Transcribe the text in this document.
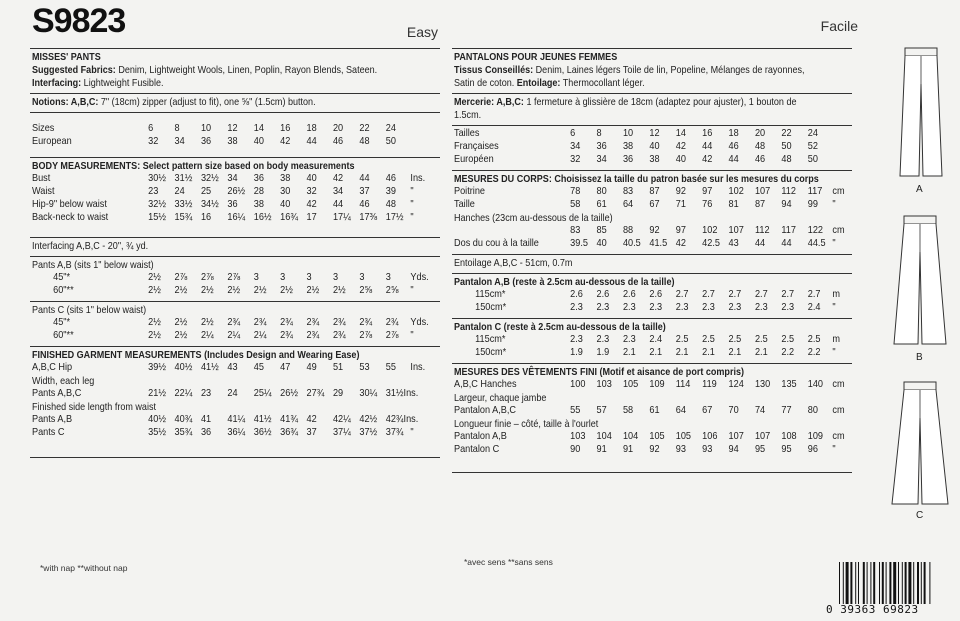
S9823	Easy
MISSES' PANTS
Suggested Fabrics: Denim, Lightweight Wools, Linen, Poplin, Rayon Blends, Sateen.
Interfacing: Lightweight Fusible.
Notions: A,B,C: 7" (18cm) zipper (adjust to fit), one ⅝" (1.5cm) button.
Sizes	6 8 10 12 14 16 18 20 22 24
European	32 34 36 38 40 42 44 46 48 50
BODY MEASUREMENTS: Select pattern size based on body measurements
Bust	30½ 31½ 32½ 34 36 38 40 42 44 46 Ins.
Waist	23 24 25 26½ 28 30 32 34 37 39 "
Hip-9" below waist	32½ 33½ 34½ 36 38 40 42 44 46 48 "
Back-neck to waist	15½ 15¾ 16 16¼ 16½ 16¾ 17 17¼ 17⅜ 17½ "
Interfacing A,B,C - 20", ¾ yd.
Pants A,B (sits 1" below waist)
45"*	2½ 2⅞ 2⅞ 2⅞ 3 3 3 3 3 3 Yds.
60"**	2½ 2½ 2½ 2½ 2½ 2½ 2½ 2½ 2⅝ 2⅝ "
Pants C (sits 1" below waist)
45"*	2½ 2½ 2½ 2¾ 2¾ 2¾ 2¾ 2¾ 2¾ 2¾ Yds.
60"**	2½ 2½ 2¼ 2¼ 2¼ 2¾ 2¾ 2¾ 2⅞ 2⅞ "
FINISHED GARMENT MEASUREMENTS (Includes Design and Wearing Ease)
A,B,C Hip	39½ 40½ 41½ 43 45 47 49 51 53 55 Ins.
Width, each leg
Pants A,B,C	21½ 22¼ 23 24 25¼ 26½ 27¾ 29 30¼ 31½Ins.
Finished side length from waist
Pants A,B	40½ 40¾ 41 41¼ 41½ 41¾ 42 42¼ 42½ 42¾Ins.
Pants C	35½ 35¾ 36 36¼ 36½ 36¾ 37 37¼ 37½ 37¾ "
*with nap **without nap
Facile
PANTALONS POUR JEUNES FEMMES
Tissus Conseillés: Denim, Laines légers Toile de lin, Popeline, Mélanges de rayonnes,
Satin de coton. Entoilage: Thermocollant léger.
Mercerie: A,B,C: 1 fermeture à glissière de 18cm (adaptez pour ajuster), 1 bouton de
1.5cm.
Tailles	6 8 10 12 14 16 18 20 22 24
Françaises	34 36 38 40 42 44 46 48 50 52
Européen	32 34 36 38 40 42 44 46 48 50
MESURES DU CORPS: Choisissez la taille du patron basée sur les mesures du corps
Poitrine	78 80 83 87 92 97 102 107 112 117 cm
Taille	58 61 64 67 71 76 81 87 94 99 "
Hanches (23cm au-dessous de la taille)
83 85 88 92 97 102 107 112 117 122 cm
Dos du cou à la taille	39.5 40 40.5 41.5 42 42.5 43 44 44 44.5 "
Entoilage A,B,C - 51cm, 0.7m
Pantalon A,B (reste à 2.5cm au-dessous de la taille)
115cm*	2.6 2.6 2.6 2.6 2.7 2.7 2.7 2.7 2.7 2.7 m
150cm*	2.3 2.3 2.3 2.3 2.3 2.3 2.3 2.3 2.3 2.4 "
Pantalon C (reste à 2.5cm au-dessous de la taille)
115cm*	2.3 2.3 2.3 2.4 2.5 2.5 2.5 2.5 2.5 2.5 m
150cm*	1.9 1.9 2.1 2.1 2.1 2.1 2.1 2.1 2.2 2.2 "
MESURES DES VÊTEMENTS FINI (Motif et aisance de port compris)
A,B,C Hanches	100 103 105 109 114 119 124 130 135 140 cm
Largeur, chaque jambe
Pantalon A,B,C	55 57 58 61 64 67 70 74 77 80 cm
Longueur finie – côté, taille à l'ourlet
Pantalon A,B	103 104 104 105 105 106 107 107 108 109 cm
Pantalon C	90 91 91 92 93 93 94 95 95 96 "
*avec sens **sans sens
A
B
C
0 39363 69823
